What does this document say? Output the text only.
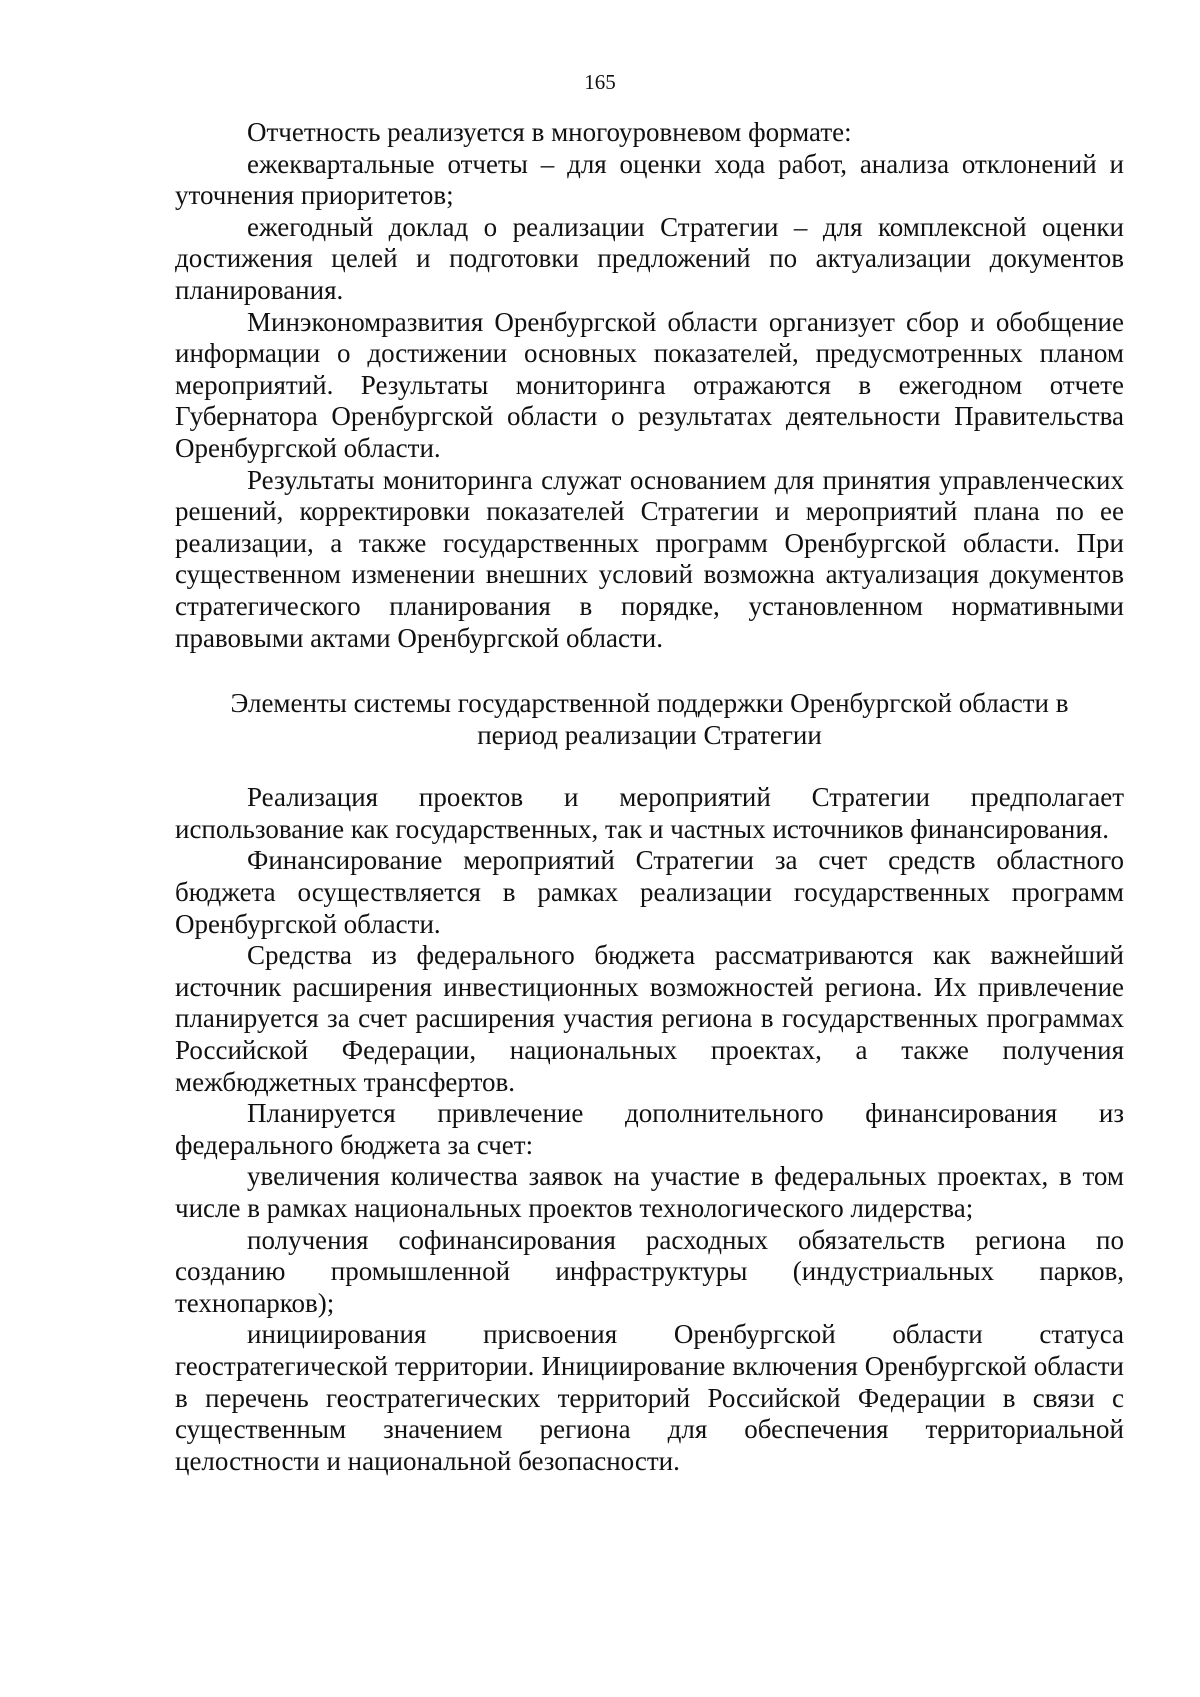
165

Отчетность реализуется в многоуровневом формате:

ежеквартальные отчеты – для оценки хода работ, анализа отклонений и уточнения приоритетов;

ежегодный доклад о реализации Стратегии – для комплексной оценки достижения целей и подготовки предложений по актуализации документов планирования.

Минэкономразвития Оренбургской области организует сбор и обобщение информации о достижении основных показателей, предусмотренных планом мероприятий. Результаты мониторинга отражаются в ежегодном отчете Губернатора Оренбургской области о результатах деятельности Правительства Оренбургской области.

Результаты мониторинга служат основанием для принятия управленческих решений, корректировки показателей Стратегии и мероприятий плана по ее реализации, а также государственных программ Оренбургской области. При существенном изменении внешних условий возможна актуализация документов стратегического планирования в порядке, установленном нормативными правовыми актами Оренбургской области.

Элементы системы государственной поддержки Оренбургской области в

период реализации Стратегии

Реализация проектов и мероприятий Стратегии предполагает использование как государственных, так и частных источников финансирования.

Финансирование мероприятий Стратегии за счет средств областного бюджета осуществляется в рамках реализации государственных программ Оренбургской области.

Средства из федерального бюджета рассматриваются как важнейший источник расширения инвестиционных возможностей региона. Их привлечение планируется за счет расширения участия региона в государственных программах Российской Федерации, национальных проектах, а также получения межбюджетных трансфертов.

Планируется привлечение дополнительного финансирования из федерального бюджета за счет:

увеличения количества заявок на участие в федеральных проектах, в том числе в рамках национальных проектов технологического лидерства;

получения софинансирования расходных обязательств региона по созданию промышленной инфраструктуры (индустриальных парков, технопарков);

инициирования присвоения Оренбургской области статуса геостратегической территории. Инициирование включения Оренбургской области в перечень геостратегических территорий Российской Федерации в связи с существенным значением региона для обеспечения территориальной целостности и национальной безопасности.
